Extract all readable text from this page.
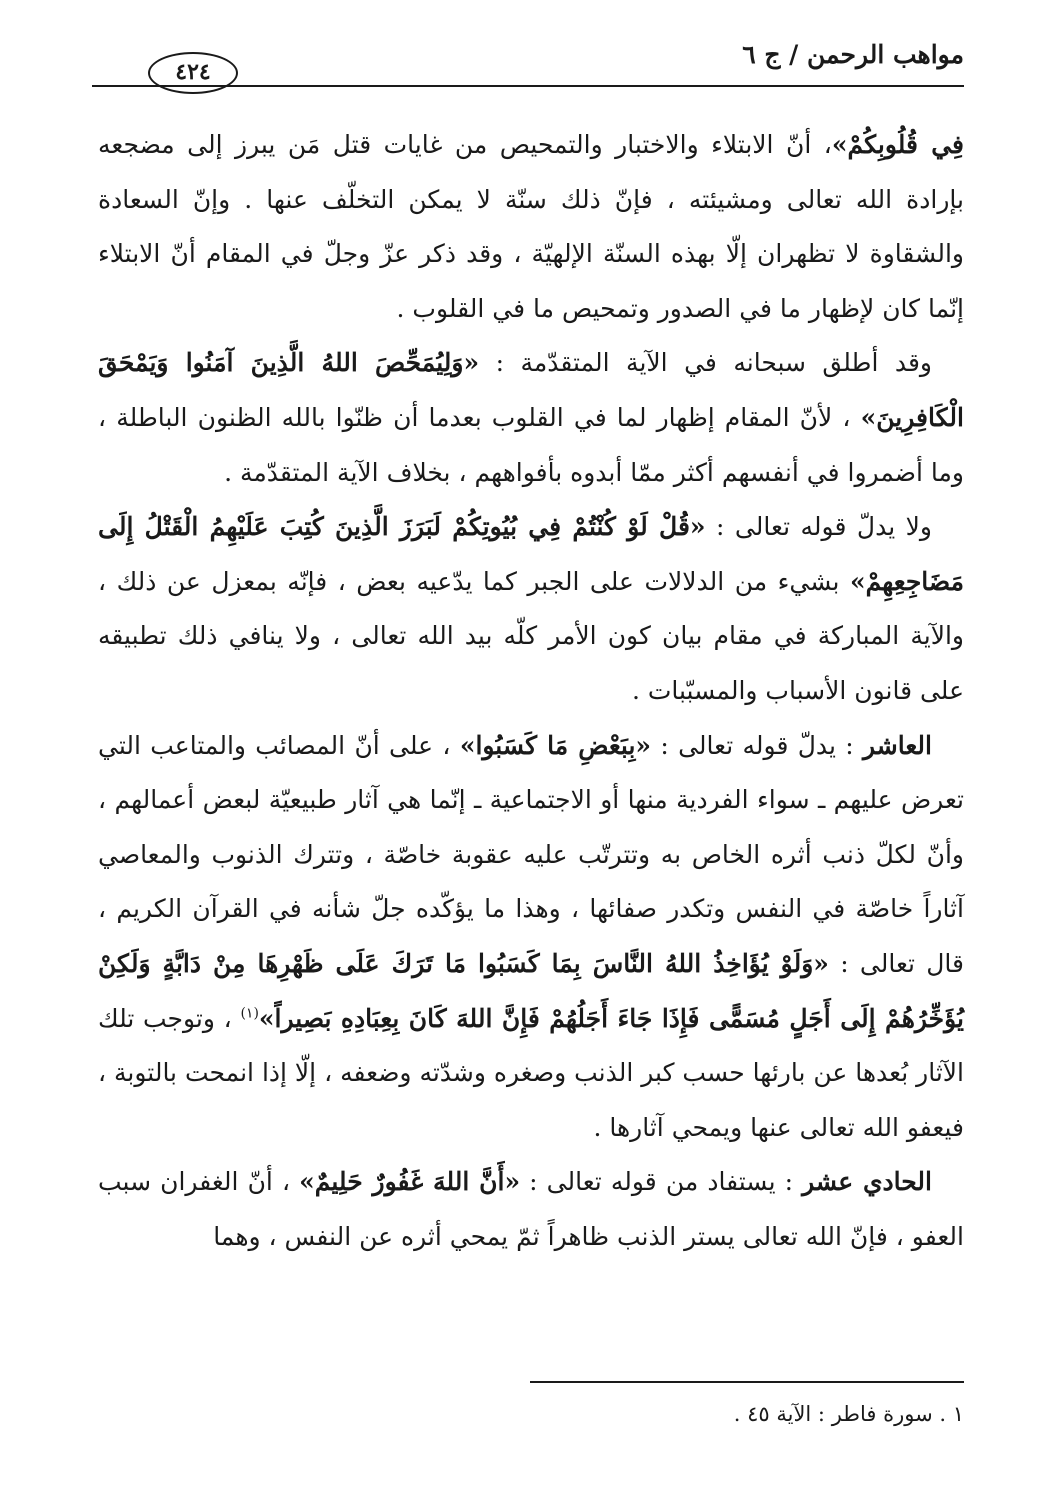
مواهب الرحمن / ج ٦
٤٢٤

فِي قُلُوبِكُمْ»، أنّ الابتلاء والاختبار والتمحيص من غايات قتل مَن يبرز إلى مضجعه بإرادة الله تعالى ومشيئته ، فإنّ ذلك سنّة لا يمكن التخلّف عنها . وإنّ السعادة والشقاوة لا تظهران إلّا بهذه السنّة الإلهيّة ، وقد ذكر عزّ وجلّ في المقام أنّ الابتلاء إنّما كان لإظهار ما في الصدور وتمحيص ما في القلوب .

وقد أطلق سبحانه في الآية المتقدّمة : «وَلِيُمَحِّصَ اللهُ الَّذِينَ آمَنُوا وَيَمْحَقَ الْكَافِرِينَ» ، لأنّ المقام إظهار لما في القلوب بعدما أن ظنّوا بالله الظنون الباطلة ، وما أضمروا في أنفسهم أكثر ممّا أبدوه بأفواههم ، بخلاف الآية المتقدّمة .

ولا يدلّ قوله تعالى : «قُلْ لَوْ كُنْتُمْ فِي بُيُوتِكُمْ لَبَرَزَ الَّذِينَ كُتِبَ عَلَيْهِمُ الْقَتْلُ إِلَى مَضَاجِعِهِمْ» بشيء من الدلالات على الجبر كما يدّعيه بعض ، فإنّه بمعزل عن ذلك ، والآية المباركة في مقام بيان كون الأمر كلّه بيد الله تعالى ، ولا ينافي ذلك تطبيقه على قانون الأسباب والمسبّبات .

العاشر : يدلّ قوله تعالى : «بِبَعْضِ مَا كَسَبُوا» ، على أنّ المصائب والمتاعب التي تعرض عليهم ـ سواء الفردية منها أو الاجتماعية ـ إنّما هي آثار طبيعيّة لبعض أعمالهم ، وأنّ لكلّ ذنب أثره الخاص به وتترتّب عليه عقوبة خاصّة ، وتترك الذنوب والمعاصي آثاراً خاصّة في النفس وتكدر صفائها ، وهذا ما يؤكّده جلّ شأنه في القرآن الكريم ، قال تعالى : «وَلَوْ يُؤَاخِذُ اللهُ النَّاسَ بِمَا كَسَبُوا مَا تَرَكَ عَلَى ظَهْرِهَا مِنْ دَابَّةٍ وَلَكِنْ يُؤَخِّرُهُمْ إِلَى أَجَلٍ مُسَمًّى فَإِذَا جَاءَ أَجَلُهُمْ فَإِنَّ اللهَ كَانَ بِعِبَادِهِ بَصِيراً»$^{(١)}$ ، وتوجب تلك الآثار بُعدها عن بارئها حسب كبر الذنب وصغره وشدّته وضعفه ، إلّا إذا انمحت بالتوبة ، فيعفو الله تعالى عنها ويمحي آثارها .

الحادي عشر : يستفاد من قوله تعالى : «أَنَّ اللهَ غَفُورٌ حَلِيمٌ» ، أنّ الغفران سبب العفو ، فإنّ الله تعالى يستر الذنب ظاهراً ثمّ يمحي أثره عن النفس ، وهما

١ . سورة فاطر : الآية ٤٥ .
